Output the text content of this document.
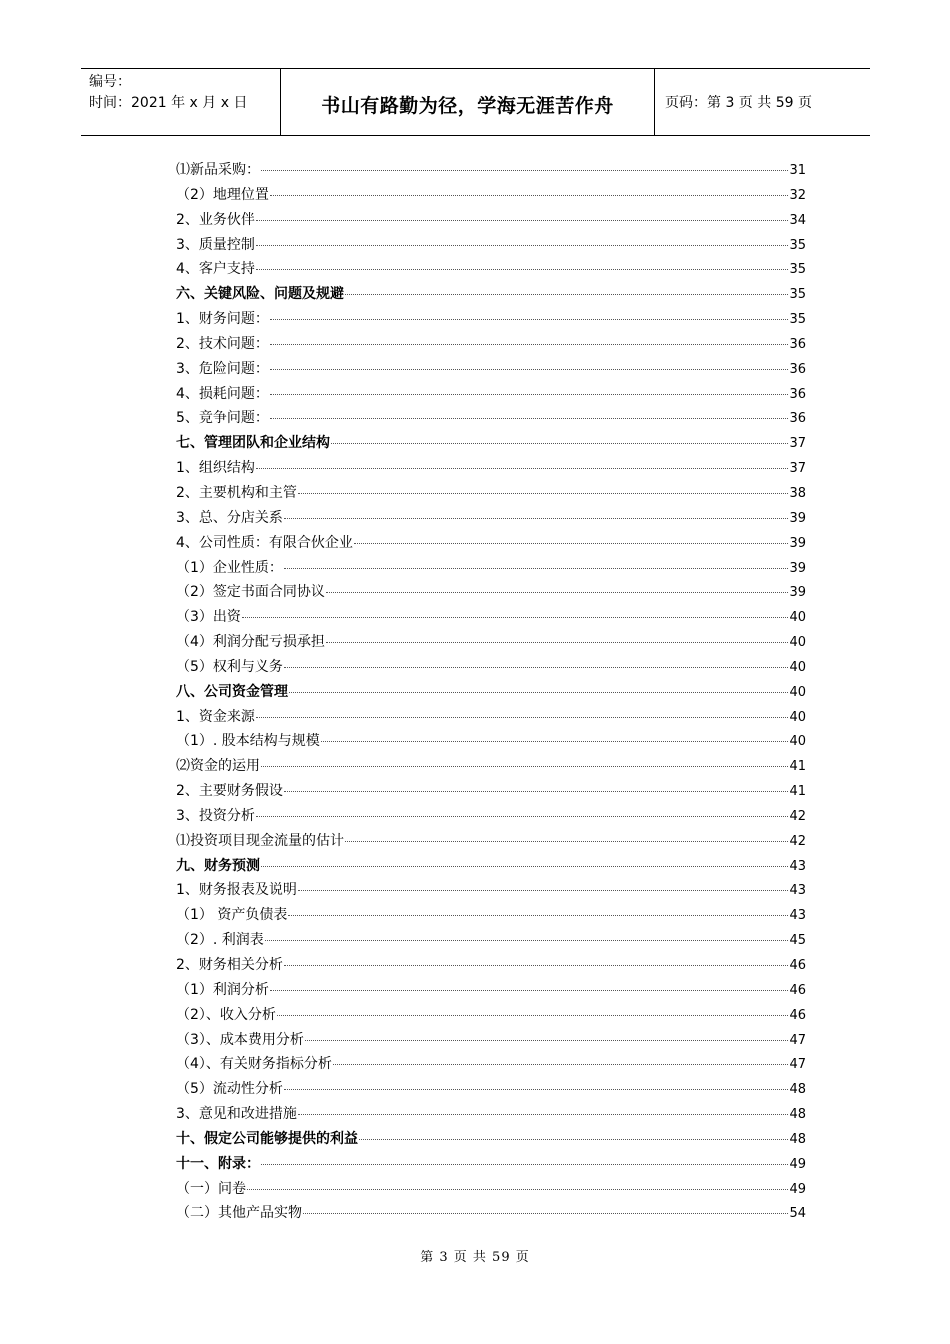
编号：
时间：2021 年 x 月 x 日	书山有路勤为径，学海无涯苦作舟	页码：第 3 页 共 59 页
⑴新品采购：	31
（2）地理位置	32
2、业务伙伴	34
3、质量控制	35
4、客户支持	35
六、关键风险、问题及规避	35
1、财务问题：	35
2、技术问题：	36
3、危险问题：	36
4、损耗问题：	36
5、竞争问题：	36
七、管理团队和企业结构	37
1、组织结构	37
2、主要机构和主管	38
3、总、分店关系	39
4、公司性质：有限合伙企业	39
（1）企业性质：	39
（2）签定书面合同协议	39
（3）出资	40
（4）利润分配亏损承担	40
（5）权利与义务	40
八、公司资金管理	40
1、资金来源	40
（1）. 股本结构与规模	40
⑵资金的运用	41
2、主要财务假设	41
3、投资分析	42
⑴投资项目现金流量的估计	42
九、财务预测	43
1、财务报表及说明	43
（1） 资产负债表	43
（2）. 利润表	45
2、财务相关分析	46
（1）利润分析	46
（2）、收入分析	46
（3）、成本费用分析	47
（4）、有关财务指标分析	47
（5）流动性分析	48
3、意见和改进措施	48
十、假定公司能够提供的利益	48
十一、附录：	49
（一）问卷	49
（二）其他产品实物	54
第 3 页 共 59 页
